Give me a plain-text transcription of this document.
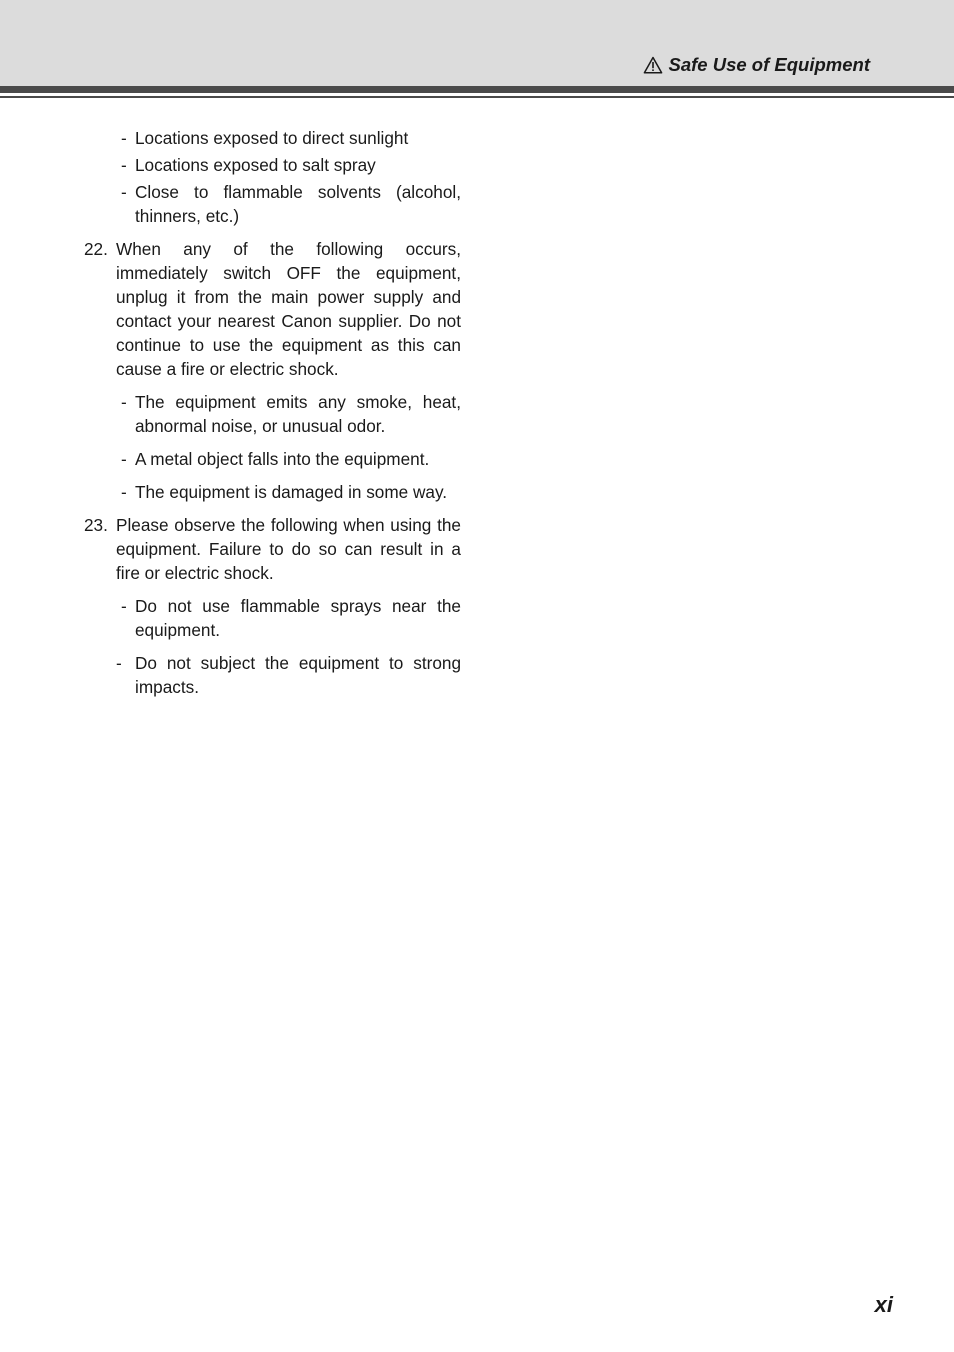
Safe Use of Equipment

- Locations exposed to direct sunlight

- Locations exposed to salt spray

- Close to flammable solvents (alcohol, thinners, etc.)

22. When any of the following occurs, immediately switch OFF the equipment, unplug it from the main power supply and contact your nearest Canon supplier. Do not continue to use the equipment as this can cause a fire or electric shock.

- The equipment emits any smoke, heat, abnormal noise, or unusual odor.

- A metal object falls into the equipment.

- The equipment is damaged in some way.

23. Please observe the following when using the equipment. Failure to do so can result in a fire or electric shock.

- Do not use flammable sprays near the equipment.

- Do not subject the equipment to strong impacts.

xi
